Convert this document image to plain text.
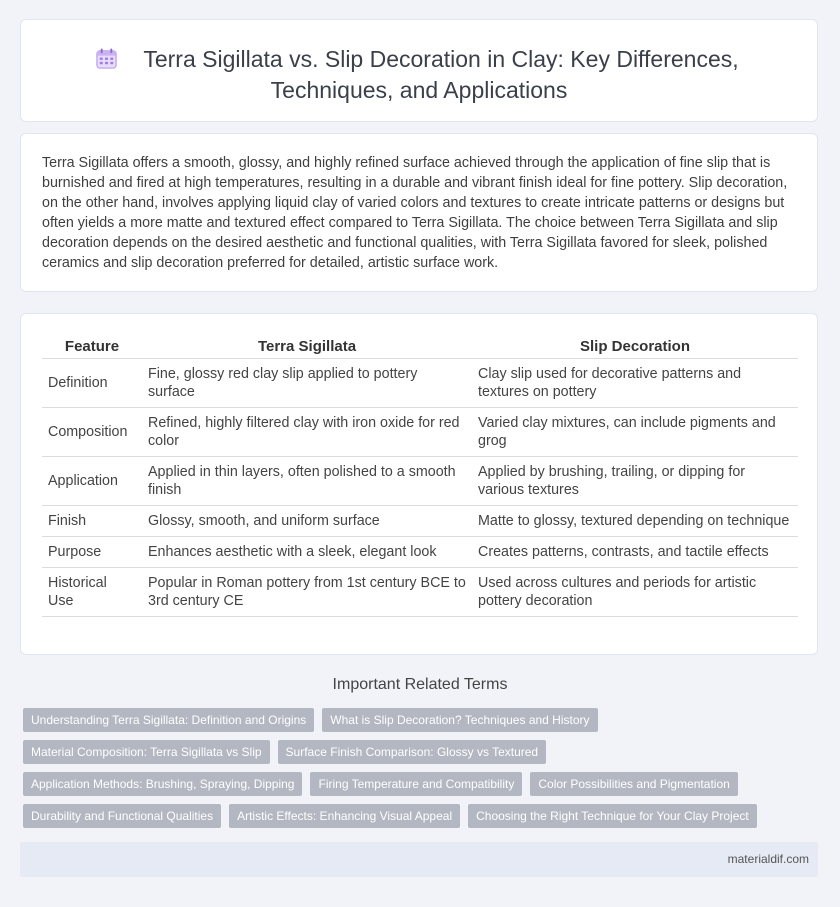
Terra Sigillata vs. Slip Decoration in Clay: Key Differences,
Techniques, and Applications

Terra Sigillata offers a smooth, glossy, and highly refined surface achieved through the application of fine slip that is burnished and fired at high temperatures, resulting in a durable and vibrant finish ideal for fine pottery. Slip decoration, on the other hand, involves applying liquid clay of varied colors and textures to create intricate patterns or designs but often yields a more matte and textured effect compared to Terra Sigillata. The choice between Terra Sigillata and slip decoration depends on the desired aesthetic and functional qualities, with Terra Sigillata favored for sleek, polished ceramics and slip decoration preferred for detailed, artistic surface work.

Feature	Terra Sigillata	Slip Decoration
Definition	Fine, glossy red clay slip applied to pottery surface	Clay slip used for decorative patterns and textures on pottery
Composition	Refined, highly filtered clay with iron oxide for red color	Varied clay mixtures, can include pigments and grog
Application	Applied in thin layers, often polished to a smooth finish	Applied by brushing, trailing, or dipping for various textures
Finish	Glossy, smooth, and uniform surface	Matte to glossy, textured depending on technique
Purpose	Enhances aesthetic with a sleek, elegant look	Creates patterns, contrasts, and tactile effects
Historical Use	Popular in Roman pottery from 1st century BCE to 3rd century CE	Used across cultures and periods for artistic pottery decoration
Important Related Terms
Understanding Terra Sigillata: Definition and Origins	What is Slip Decoration? Techniques and History
Material Composition: Terra Sigillata vs Slip	Surface Finish Comparison: Glossy vs Textured
Application Methods: Brushing, Spraying, Dipping	Firing Temperature and Compatibility	Color Possibilities and Pigmentation
Durability and Functional Qualities	Artistic Effects: Enhancing Visual Appeal	Choosing the Right Technique for Your Clay Project
materialdif.com
